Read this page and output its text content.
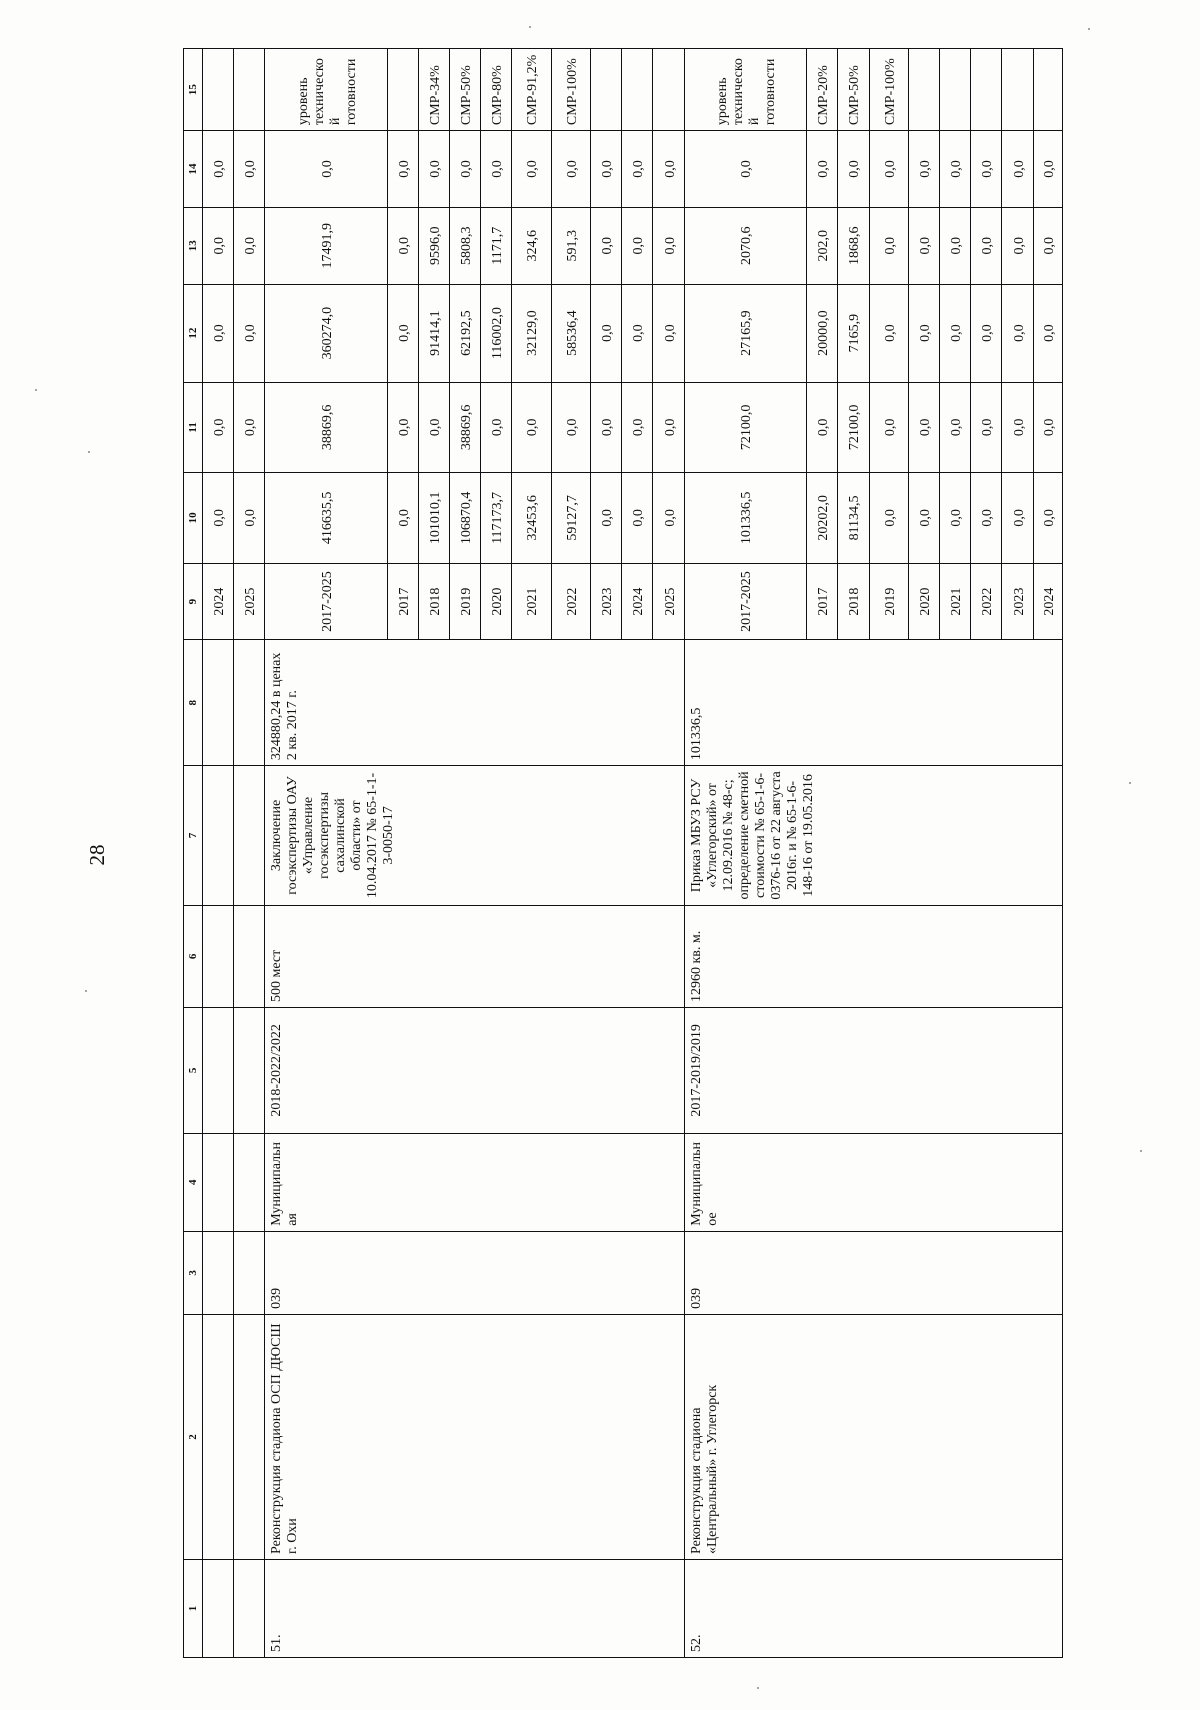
28
1	2	3	4	5	6	7	8	9	10	11	12	13	14	15
								2024	0,0	0,0	0,0	0,0	0,0	
								2025	0,0	0,0	0,0	0,0	0,0	
51.	Реконструкция стадиона ОСП ДЮСШ г. Охи	039	Муниципальная	2018-2022/2022	500 мест	Заключение госэкспертизы ОАУ «Управление госэкспертизы сахалинской области» от 10.04.2017 № 65-1-1-3-0050-17	324880,24 в ценах 2 кв. 2017 г.	2017-2025	416635,5	38869,6	360274,0	17491,9	0,0	уровень технической готовности
								2017	0,0	0,0	0,0	0,0	0,0	
								2018	101010,1	0,0	91414,1	9596,0	0,0	СМР-34%
								2019	106870,4	38869,6	62192,5	5808,3	0,0	СМР-50%
								2020	117173,7	0,0	116002,0	1171,7	0,0	СМР-80%
								2021	32453,6	0,0	32129,0	324,6	0,0	СМР-91,2%
								2022	59127,7	0,0	58536,4	591,3	0,0	СМР-100%
								2023	0,0	0,0	0,0	0,0	0,0	
								2024	0,0	0,0	0,0	0,0	0,0	
								2025	0,0	0,0	0,0	0,0	0,0	
52.	Реконструкция стадиона «Центральный» г. Углегорск	039	Муниципальное	2017-2019/2019	12960 кв. м.	Приказ МБУЗ РСУ «Углегорский» от 12.09.2016 № 48-с; определение сметной стоимости № 65-1-6-0376-16 от 22 августа 2016г. и № 65-1-6-148-16 от 19.05.2016	101336,5	2017-2025	101336,5	72100,0	27165,9	2070,6	0,0	уровень технической готовности
								2017	20202,0	0,0	20000,0	202,0	0,0	СМР-20%
								2018	81134,5	72100,0	7165,9	1868,6	0,0	СМР-50%
								2019	0,0	0,0	0,0	0,0	0,0	СМР-100%
								2020	0,0	0,0	0,0	0,0	0,0	
								2021	0,0	0,0	0,0	0,0	0,0	
								2022	0,0	0,0	0,0	0,0	0,0	
								2023	0,0	0,0	0,0	0,0	0,0	
								2024	0,0	0,0	0,0	0,0	0,0	
